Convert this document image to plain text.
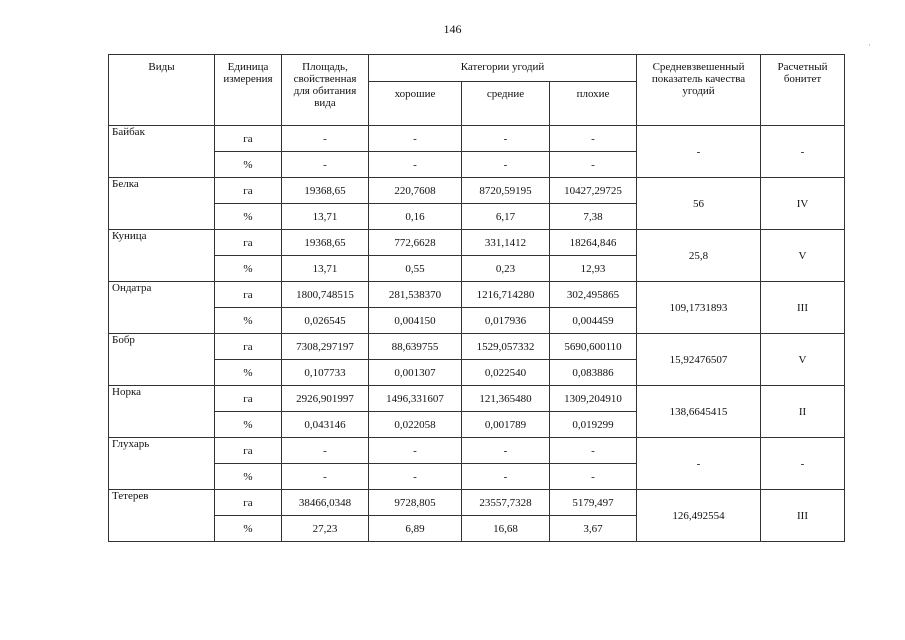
146
Виды	Единица измерения	Площадь, свойственная для обитания вида	Категории угодий			Средневзвешенный показатель качества угодий	Расчетный бонитет
			хорошие	средние	плохие		
Байбак	га	-	-	-	-	-	-
	%	-	-	-	-		
Белка	га	19368,65	220,7608	8720,59195	10427,29725	56	IV
	%	13,71	0,16	6,17	7,38		
Куница	га	19368,65	772,6628	331,1412	18264,846	25,8	V
	%	13,71	0,55	0,23	12,93		
Ондатра	га	1800,748515	281,538370	1216,714280	302,495865	109,1731893	III
	%	0,026545	0,004150	0,017936	0,004459		
Бобр	га	7308,297197	88,639755	1529,057332	5690,600110	15,92476507	V
	%	0,107733	0,001307	0,022540	0,083886		
Норка	га	2926,901997	1496,331607	121,365480	1309,204910	138,6645415	II
	%	0,043146	0,022058	0,001789	0,019299		
Глухарь	га	-	-	-	-	-	-
	%	-	-	-	-		
Тетерев	га	38466,0348	9728,805	23557,7328	5179,497	126,492554	III
	%	27,23	6,89	16,68	3,67		
·
